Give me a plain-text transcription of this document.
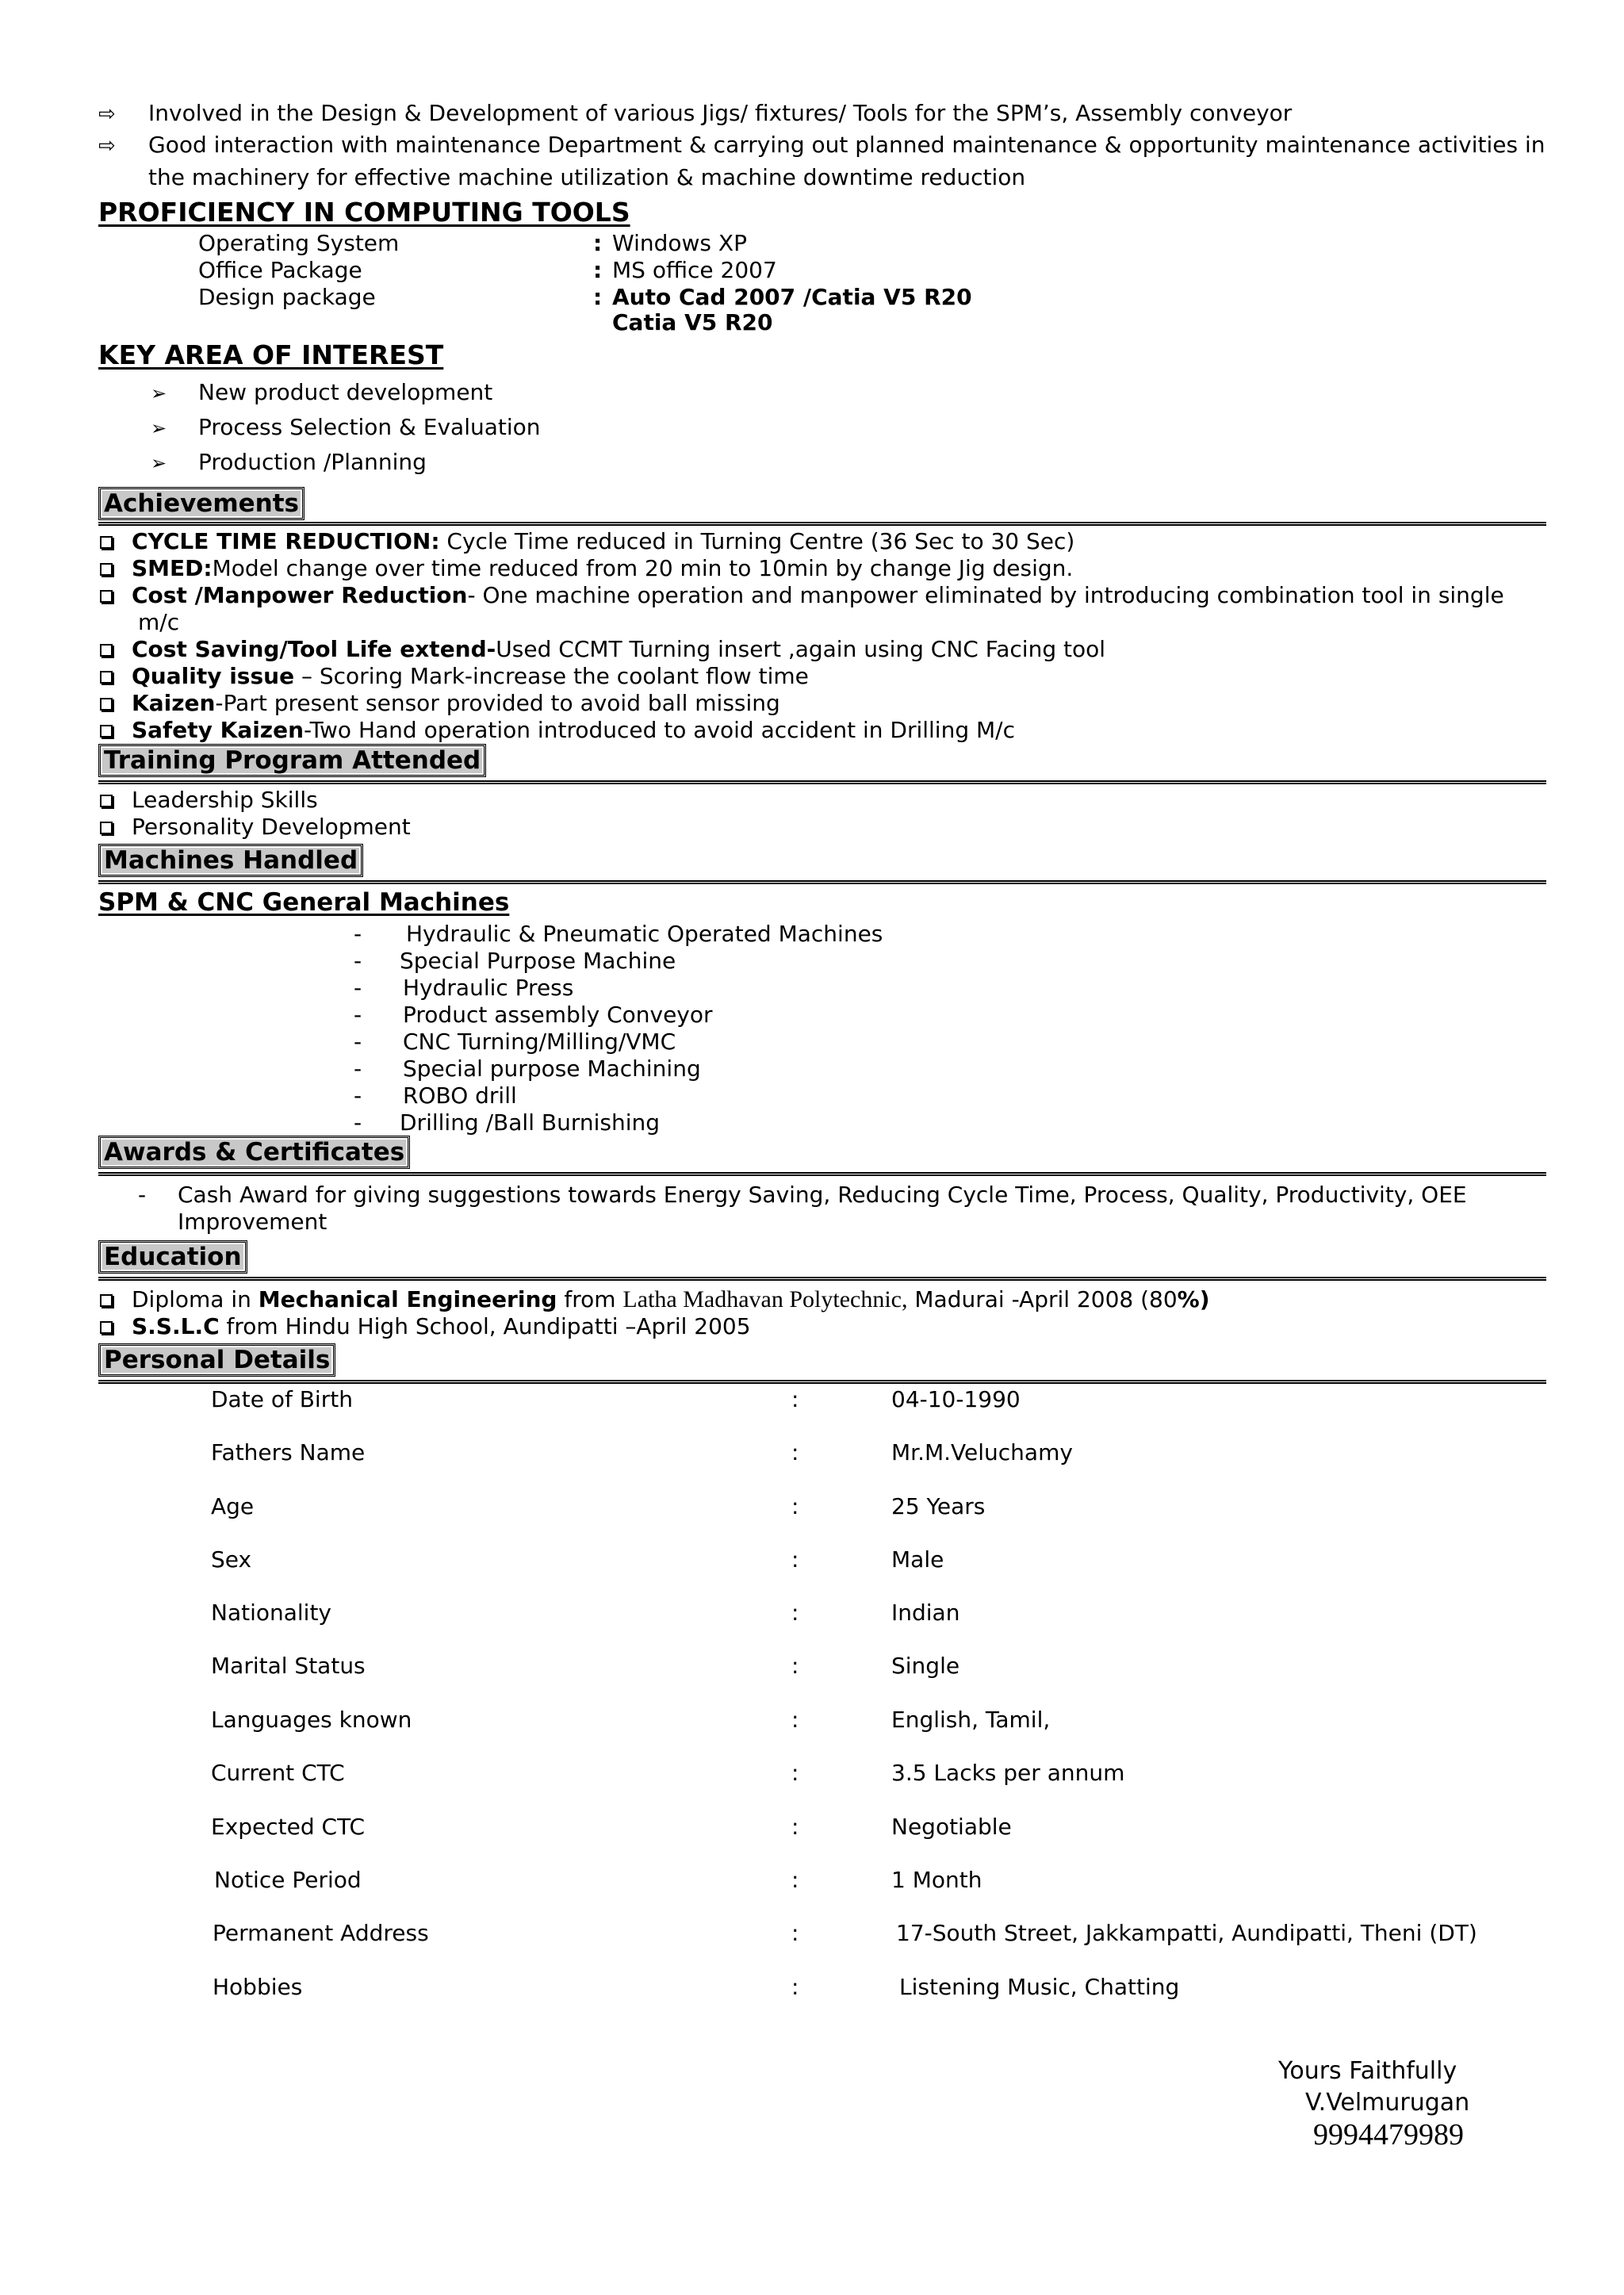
⇨ Involved in the Design & Development of various Jigs/ fixtures/ Tools for the SPM’s, Assembly conveyor
⇨ Good interaction with maintenance Department & carrying out planned maintenance & opportunity maintenance activities in
the machinery for effective machine utilization & machine downtime reduction
PROFICIENCY IN COMPUTING TOOLS
Operating System	: Windows XP
Office Package	: MS office 2007
Design package	: Auto Cad 2007 /Catia V5 R20
Catia V5 R20
KEY AREA OF INTEREST
➢ New product development
➢ Process Selection & Evaluation
➢ Production /Planning
Achievements
CYCLE TIME REDUCTION: Cycle Time reduced in Turning Centre (36 Sec to 30 Sec)
SMED:Model change over time reduced from 20 min to 10min by change Jig design.
Cost /Manpower Reduction- One machine operation and manpower eliminated by introducing combination tool in single
m/c
Cost Saving/Tool Life extend-Used CCMT Turning insert ,again using CNC Facing tool
Quality issue – Scoring Mark-increase the coolant flow time
Kaizen-Part present sensor provided to avoid ball missing
Safety Kaizen-Two Hand operation introduced to avoid accident in Drilling M/c
Training Program Attended
Leadership Skills
Personality Development
Machines Handled
SPM & CNC General Machines
- Hydraulic & Pneumatic Operated Machines
- Special Purpose Machine
- Hydraulic Press
- Product assembly Conveyor
- CNC Turning/Milling/VMC
- Special purpose Machining
- ROBO drill
- Drilling /Ball Burnishing
Awards & Certificates
- Cash Award for giving suggestions towards Energy Saving, Reducing Cycle Time, Process, Quality, Productivity, OEE
Improvement
Education
Diploma in Mechanical Engineering from Latha Madhavan Polytechnic, Madurai -April 2008 (80%)
S.S.L.C from Hindu High School, Aundipatti –April 2005
Personal Details
Date of Birth	:	04-10-1990
Fathers Name	:	Mr.M.Veluchamy
Age	:	25 Years
Sex	:	Male
Nationality	:	Indian
Marital Status	:	Single
Languages known	:	English, Tamil,
Current CTC	:	3.5 Lacks per annum
Expected CTC	:	Negotiable
Notice Period	:	1 Month
Permanent Address	:	17-South Street, Jakkampatti, Aundipatti, Theni (DT)
Hobbies	:	Listening Music, Chatting
Yours Faithfully
V.Velmurugan
9994479989
